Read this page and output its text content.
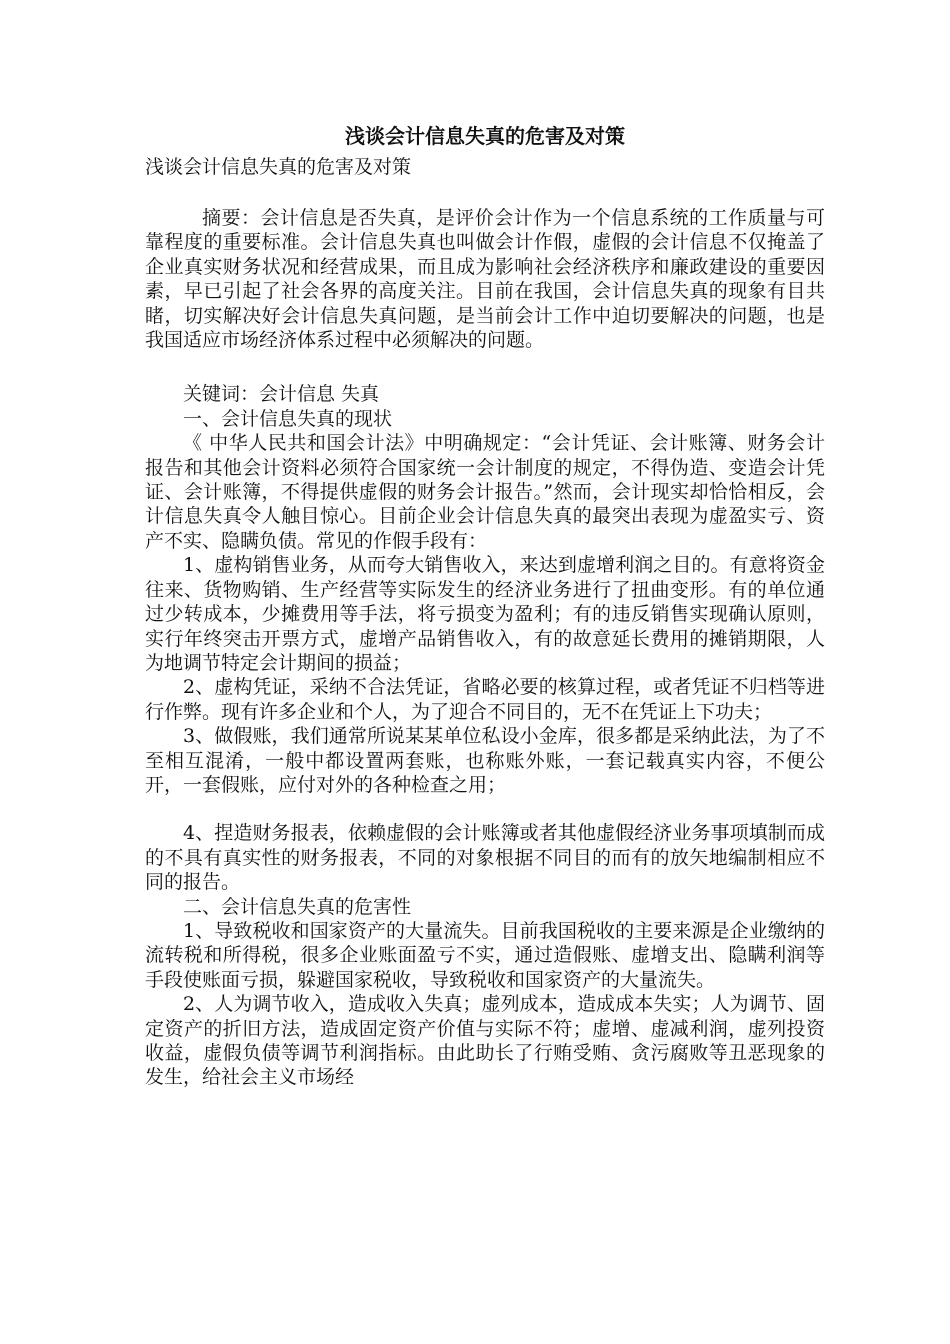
浅谈会计信息失真的危害及对策

浅谈会计信息失真的危害及对策

摘要：会计信息是否失真，是评价会计作为一个信息系统的工作质量与可靠程度的重要标准。会计信息失真也叫做会计作假，虚假的会计信息不仅掩盖了企业真实财务状况和经营成果，而且成为影响社会经济秩序和廉政建设的重要因素，早已引起了社会各界的高度关注。目前在我国，会计信息失真的现象有目共睹，切实解决好会计信息失真问题，是当前会计工作中迫切要解决的问题，也是我国适应市场经济体系过程中必须解决的问题。

关键词：会计信息 失真

一、会计信息失真的现状

《 中华人民共和国会计法》中明确规定：“会计凭证、会计账簿、财务会计报告和其他会计资料必须符合国家统一会计制度的规定，不得伪造、变造会计凭证、会计账簿，不得提供虚假的财务会计报告。”然而，会计现实却恰恰相反，会计信息失真令人触目惊心。目前企业会计信息失真的最突出表现为虚盈实亏、资产不实、隐瞒负债。常见的作假手段有：

1、虚构销售业务，从而夸大销售收入，来达到虚增利润之目的。有意将资金往来、货物购销、生产经营等实际发生的经济业务进行了扭曲变形。有的单位通过少转成本，少摊费用等手法，将亏损变为盈利；有的违反销售实现确认原则，实行年终突击开票方式，虚增产品销售收入，有的故意延长费用的摊销期限，人为地调节特定会计期间的损益；

2、虚构凭证，采纳不合法凭证，省略必要的核算过程，或者凭证不归档等进行作弊。现有许多企业和个人，为了迎合不同目的，无不在凭证上下功夫；

3、做假账，我们通常所说某某单位私设小金库，很多都是采纳此法，为了不至相互混淆，一般中都设置两套账，也称账外账，一套记载真实内容，不便公开，一套假账，应付对外的各种检查之用；

4、捏造财务报表，依赖虚假的会计账簿或者其他虚假经济业务事项填制而成的不具有真实性的财务报表，不同的对象根据不同目的而有的放矢地编制相应不同的报告。

二、会计信息失真的危害性

1、导致税收和国家资产的大量流失。目前我国税收的主要来源是企业缴纳的流转税和所得税，很多企业账面盈亏不实，通过造假账、虚增支出、隐瞒利润等手段使账面亏损，躲避国家税收，导致税收和国家资产的大量流失。

2、人为调节收入，造成收入失真；虚列成本，造成成本失实；人为调节、固定资产的折旧方法，造成固定资产价值与实际不符；虚增、虚减利润，虚列投资收益，虚假负债等调节利润指标。由此助长了行贿受贿、贪污腐败等丑恶现象的发生，给社会主义市场经
